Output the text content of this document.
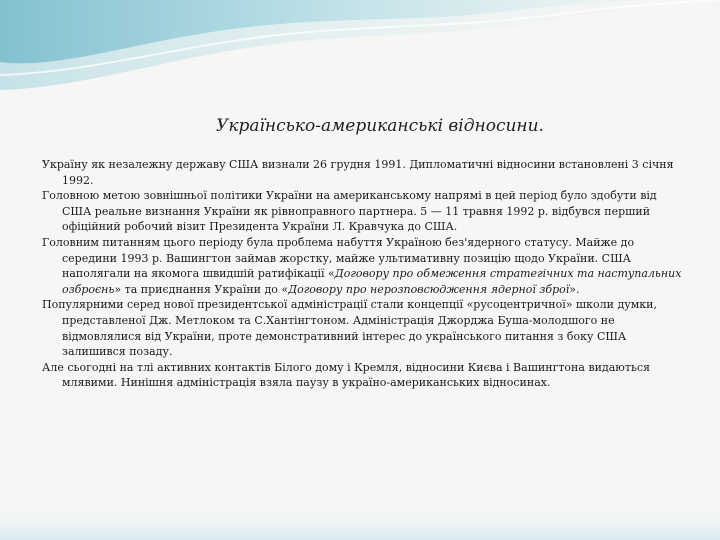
Українсько-американські відносини.

Україну як незалежну державу США визнали 26 грудня 1991. Дипломатичні відносини встановлені 3 січня 1992.

Головною метою зовнішньої політики України на американському напрямі в цей період було здобути від США реальне визнання України як рівноправного партнера. 5 — 11 травня 1992 р. відбувся перший офіційний робочий візит Президента України Л. Кравчука до США.

Головним питанням цього періоду була проблема набуття Україною без'ядерного статусу. Майже до середини 1993 р. Вашингтон займав жорстку, майже ультимативну позицію щодо України. США наполягали на якомога швидшій ратифікації «Договору про обмеження стратегічних та наступальних озброєнь» та приєднання України до «Договору про нерозповсюдження ядерної зброї».

Популярними серед нової президентської адміністрації стали концепції «русоцентричної» школи думки, представленої Дж. Метлоком та С.Хантінгтоном. Адміністрація Джорджа Буша-молодшого не відмовлялися від України, проте демонстративний інтерес до українського питання з боку США залишився позаду.

Але сьогодні на тлі активних контактів Білого дому і Кремля, відносини Києва і Вашингтона видаються млявими. Нинішня адміністрація взяла паузу в україно-американських відносинах.
